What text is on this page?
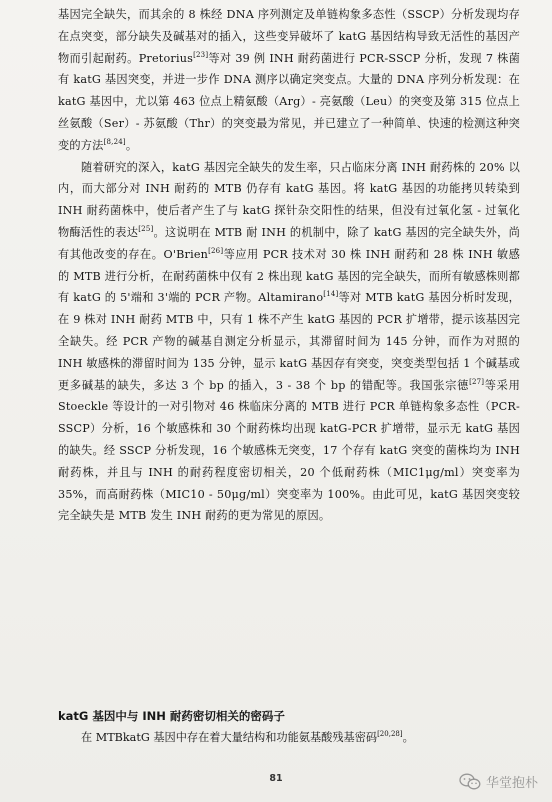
基因完全缺失，而其余的 8 株经 DNA 序列测定及单链构象多态性（SSCP）分析发现均存在点突变，部分缺失及碱基对的插入，这些变异破坏了 katG 基因结构导致无活性的基因产物而引起耐药。Pretorius[23]等对 39 例 INH 耐药菌进行 PCR-SSCP 分析，发现 7 株菌有 katG 基因突变，并进一步作 DNA 测序以确定突变点。大量的 DNA 序列分析发现：在 katG 基因中，尤以第 463 位点上精氨酸（Arg）- 亮氨酸（Leu）的突变及第 315 位点上丝氨酸（Ser）- 苏氨酸（Thr）的突变最为常见，并已建立了一种简单、快速的检测这种突变的方法[8,24]。

随着研究的深入，katG 基因完全缺失的发生率，只占临床分离 INH 耐药株的 20% 以内，而大部分对 INH 耐药的 MTB 仍存有 katG 基因。将 katG 基因的功能拷贝转染到 INH 耐药菌株中，使后者产生了与 katG 探针杂交阳性的结果，但没有过氧化氢 - 过氧化物酶活性的表达[25]。这说明在 MTB 耐 INH 的机制中，除了 katG 基因的完全缺失外，尚有其他改变的存在。O'Brien[26]等应用 PCR 技术对 30 株 INH 耐药和 28 株 INH 敏感的 MTB 进行分析，在耐药菌株中仅有 2 株出现 katG 基因的完全缺失，而所有敏感株则都有 katG 的 5'端和 3'端的 PCR 产物。Altamirano[14]等对 MTB katG 基因分析时发现，在 9 株对 INH 耐药 MTB 中，只有 1 株不产生 katG 基因的 PCR 扩增带，提示该基因完全缺失。经 PCR 产物的碱基自测定分析显示，其滞留时间为 145 分钟，而作为对照的 INH 敏感株的滞留时间为 135 分钟，显示 katG 基因存有突变，突变类型包括 1 个碱基或更多碱基的缺失，多达 3 个 bp 的插入，3 - 38 个 bp 的错配等。我国张宗德[27]等采用 Stoeckle 等设计的一对引物对 46 株临床分离的 MTB 进行 PCR 单链构象多态性（PCR-SSCP）分析，16 个敏感株和 30 个耐药株均出现 katG-PCR 扩增带，显示无 katG 基因的缺失。经 SSCP 分析发现，16 个敏感株无突变，17 个存有 katG 突变的菌株均为 INH 耐药株，并且与 INH 的耐药程度密切相关，20 个低耐药株（MIC1μg/ml）突变率为 35%，而高耐药株（MIC10 - 50μg/ml）突变率为 100%。由此可见，katG 基因突变较完全缺失是 MTB 发生 INH 耐药的更为常见的原因。

katG 基因中与 INH 耐药密切相关的密码子

在 MTBkatG 基因中存在着大量结构和功能氨基酸残基密码[20,28]。

81	华堂抱朴
